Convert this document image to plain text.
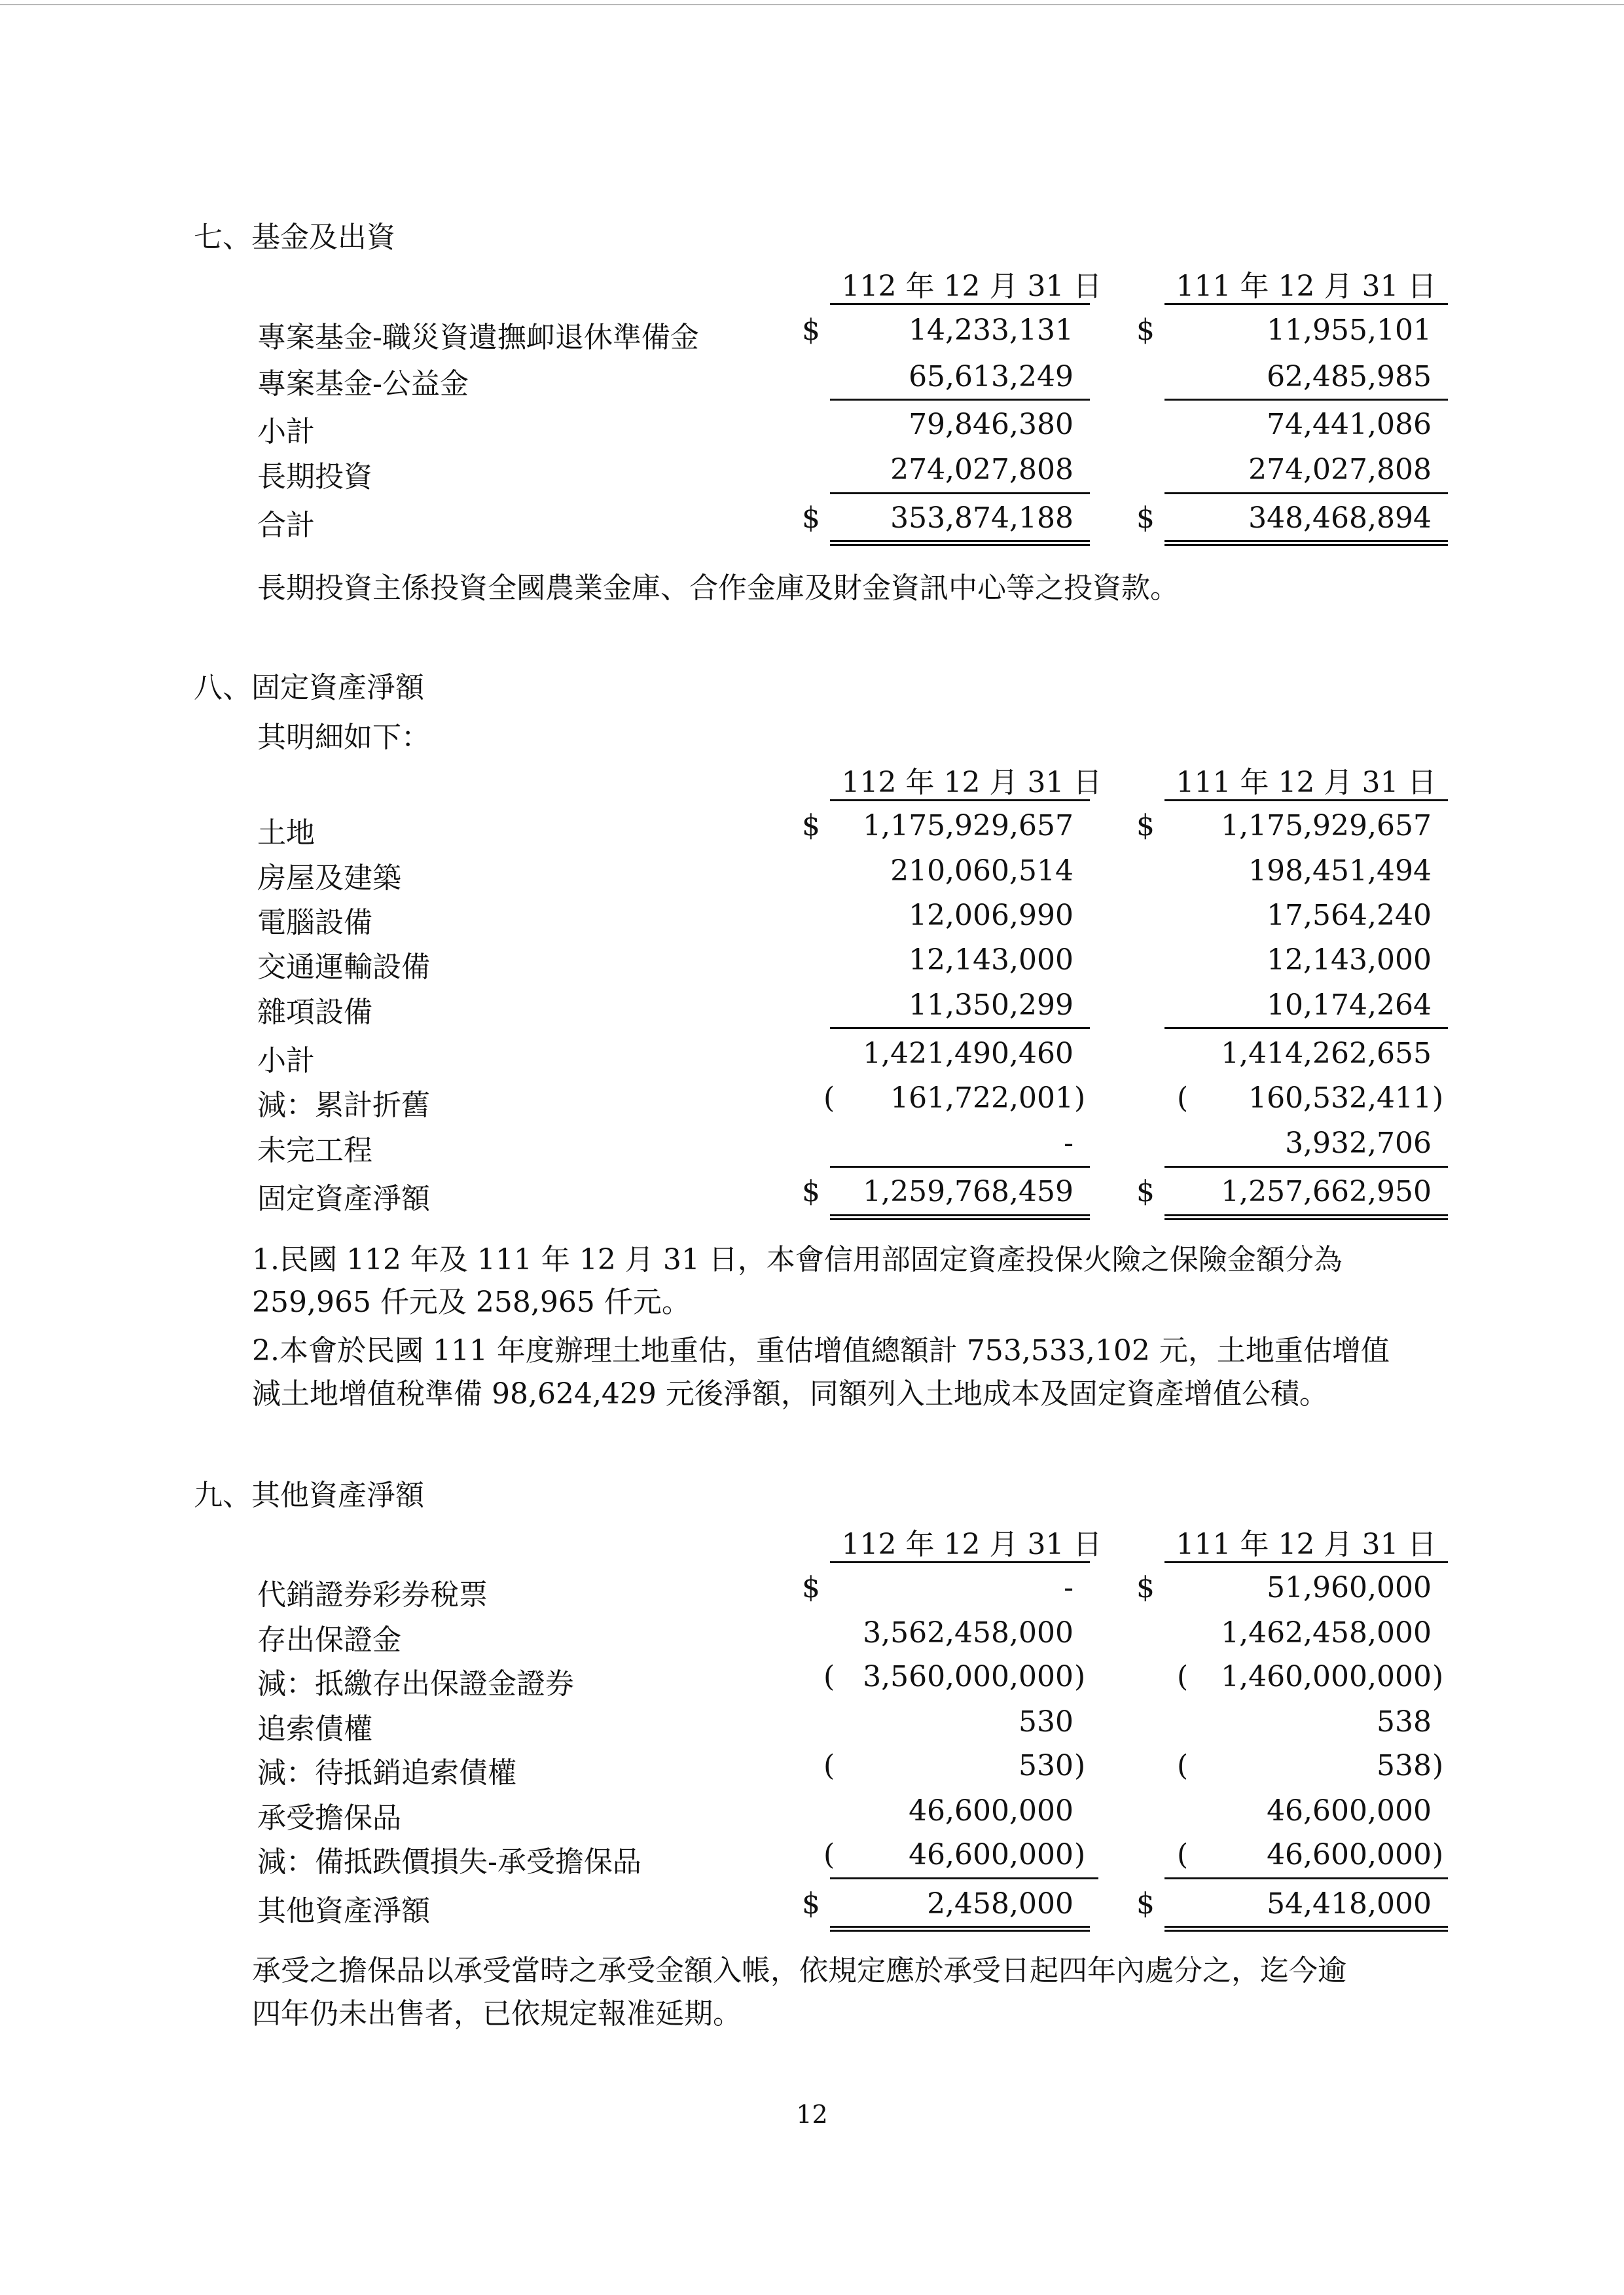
七、基金及出資
112 年 12 月 31 日	111 年 12 月 31 日
專案基金-職災資遺撫卹退休準備金	$	14,233,131 $	11,955,101
專案基金-公益金	65,613,249	62,485,985
小計	79,846,380	74,441,086
長期投資	274,027,808	274,027,808
合計	$	353,874,188 $	348,468,894
長期投資主係投資全國農業金庫、合作金庫及財金資訊中心等之投資款。
八、固定資產淨額
其明細如下：
112 年 12 月 31 日	111 年 12 月 31 日
土地	$	1,175,929,657 $	1,175,929,657
房屋及建築	210,060,514	198,451,494
電腦設備	12,006,990	17,564,240
交通運輸設備	12,143,000	12,143,000
雜項設備	11,350,299	10,174,264
小計	1,421,490,460	1,414,262,655
減：累計折舊	(	161,722,001 )	(	160,532,411 )
未完工程	-	3,932,706
固定資產淨額	$	1,259,768,459 $	1,257,662,950
1.民國 112 年及 111 年 12 月 31 日，本會信用部固定資產投保火險之保險金額分為
259,965 仟元及 258,965 仟元。
2.本會於民國 111 年度辦理土地重估，重估增值總額計 753,533,102 元，土地重估增值
減土地增值稅準備 98,624,429 元後淨額，同額列入土地成本及固定資產增值公積。
九、其他資產淨額
112 年 12 月 31 日	111 年 12 月 31 日
代銷證券彩券稅票	$	- $	51,960,000
存出保證金	3,562,458,000	1,462,458,000
減：抵繳存出保證金證券	( 3,560,000,000 )	(	1,460,000,000 )
追索債權	530	538
減：待抵銷追索債權	(	530 )	(	538 )
承受擔保品	46,600,000	46,600,000
減：備抵跌價損失-承受擔保品	(	46,600,000 )	(	46,600,000 )
其他資產淨額	$	2,458,000 $	54,418,000
承受之擔保品以承受當時之承受金額入帳，依規定應於承受日起四年內處分之，迄今逾
四年仍未出售者，已依規定報准延期。
12
